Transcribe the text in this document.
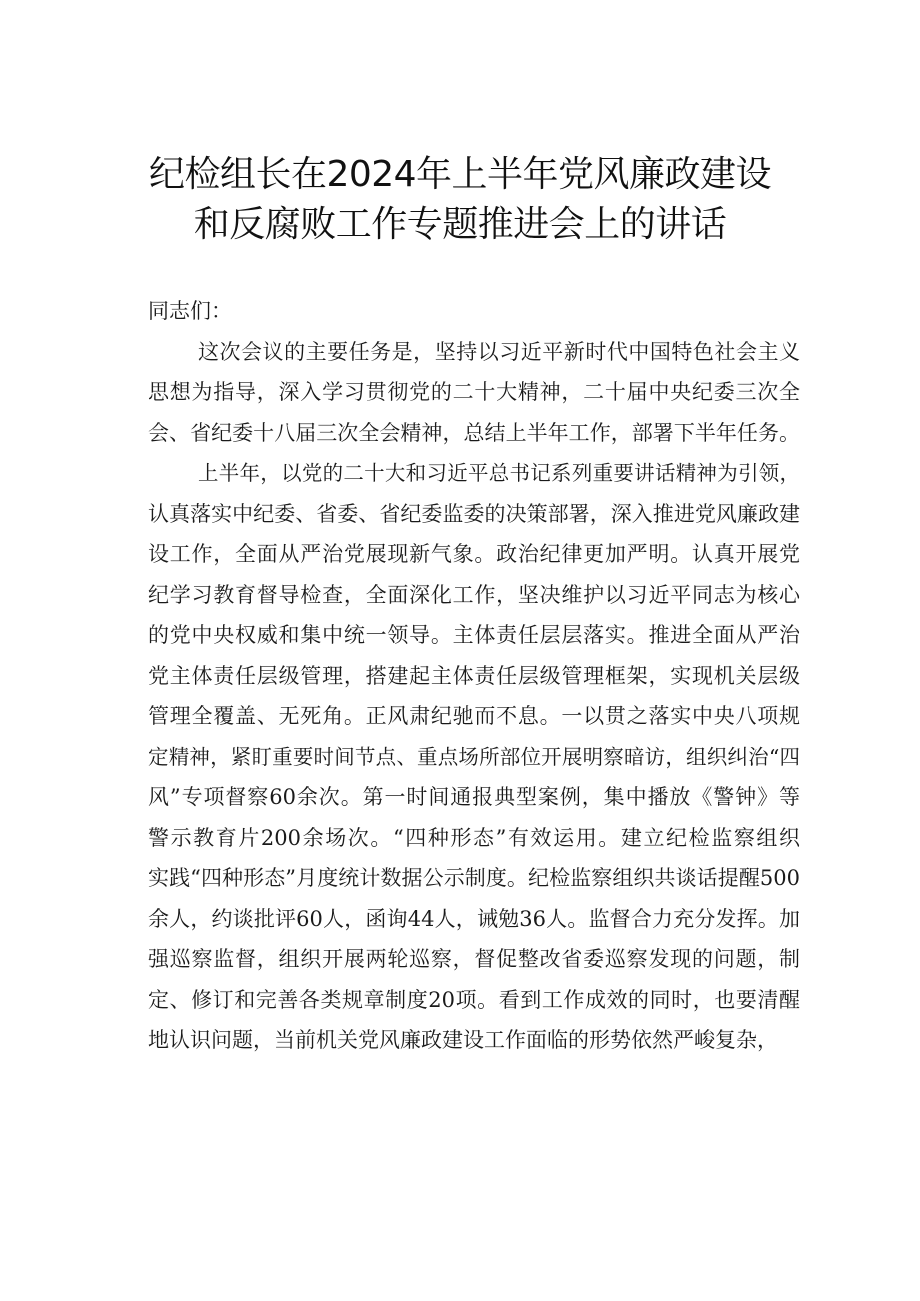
纪检组长在2024年上半年党风廉政建设
和反腐败工作专题推进会上的讲话

同志们：

这次会议的主要任务是，坚持以习近平新时代中国特色社会主义
思想为指导，深入学习贯彻党的二十大精神，二十届中央纪委三次全
会、省纪委十八届三次全会精神，总结上半年工作，部署下半年任务。

上半年，以党的二十大和习近平总书记系列重要讲话精神为引领，
认真落实中纪委、省委、省纪委监委的决策部署，深入推进党风廉政建
设工作，全面从严治党展现新气象。政治纪律更加严明。认真开展党
纪学习教育督导检查，全面深化工作，坚决维护以习近平同志为核心
的党中央权威和集中统一领导。主体责任层层落实。推进全面从严治
党主体责任层级管理，搭建起主体责任层级管理框架，实现机关层级
管理全覆盖、无死角。正风肃纪驰而不息。一以贯之落实中央八项规
定精神，紧盯重要时间节点、重点场所部位开展明察暗访，组织纠治“四
风”专项督察60余次。第一时间通报典型案例，集中播放《警钟》等
警示教育片200余场次。“四种形态”有效运用。建立纪检监察组织
实践“四种形态”月度统计数据公示制度。纪检监察组织共谈话提醒500
余人，约谈批评60人，函询44人，诫勉36人。监督合力充分发挥。加
强巡察监督，组织开展两轮巡察，督促整改省委巡察发现的问题，制
定、修订和完善各类规章制度20项。看到工作成效的同时，也要清醒
地认识问题，当前机关党风廉政建设工作面临的形势依然严峻复杂，
